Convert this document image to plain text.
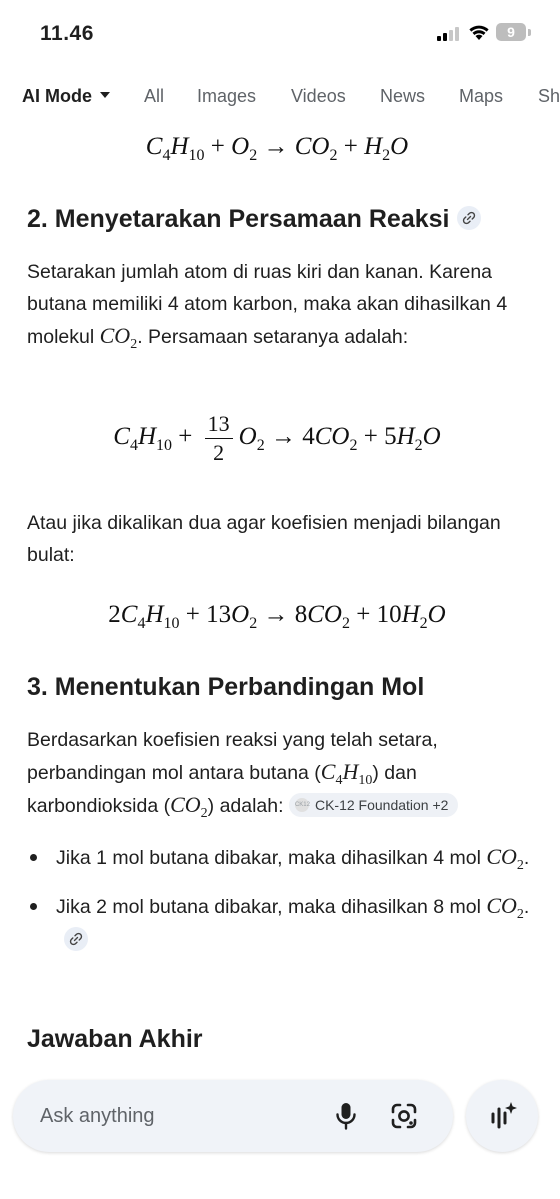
11.46	9
AI Mode	All Images Videos News Maps Sh
$C_4H_{10} + O_2 \to CO_2 + H_2O$
2. Menyetarakan Persamaan Reaksi
Setarakan jumlah atom di ruas kiri dan kanan. Karena butana memiliki 4 atom karbon, maka akan dihasilkan 4 molekul $CO_2$. Persamaan setaranya adalah:
$C_4H_{10} + \frac{13}{2} O_2 \to 4CO_2 + 5H_2O$
Atau jika dikalikan dua agar koefisien menjadi bilangan bulat:
$2C_4H_{10} + 13O_2 \to 8CO_2 + 10H_2O$
3. Menentukan Perbandingan Mol
Berdasarkan koefisien reaksi yang telah setara, perbandingan mol antara butana $(C_4H_{10})$ dan karbondioksida $(CO_2)$ adalah: CK12 CK-12 Foundation +2
Jika 1 mol butana dibakar, maka dihasilkan 4 mol $CO_2$.
Jika 2 mol butana dibakar, maka dihasilkan 8 mol $CO_2$.
Jawaban Akhir
Ask anything
